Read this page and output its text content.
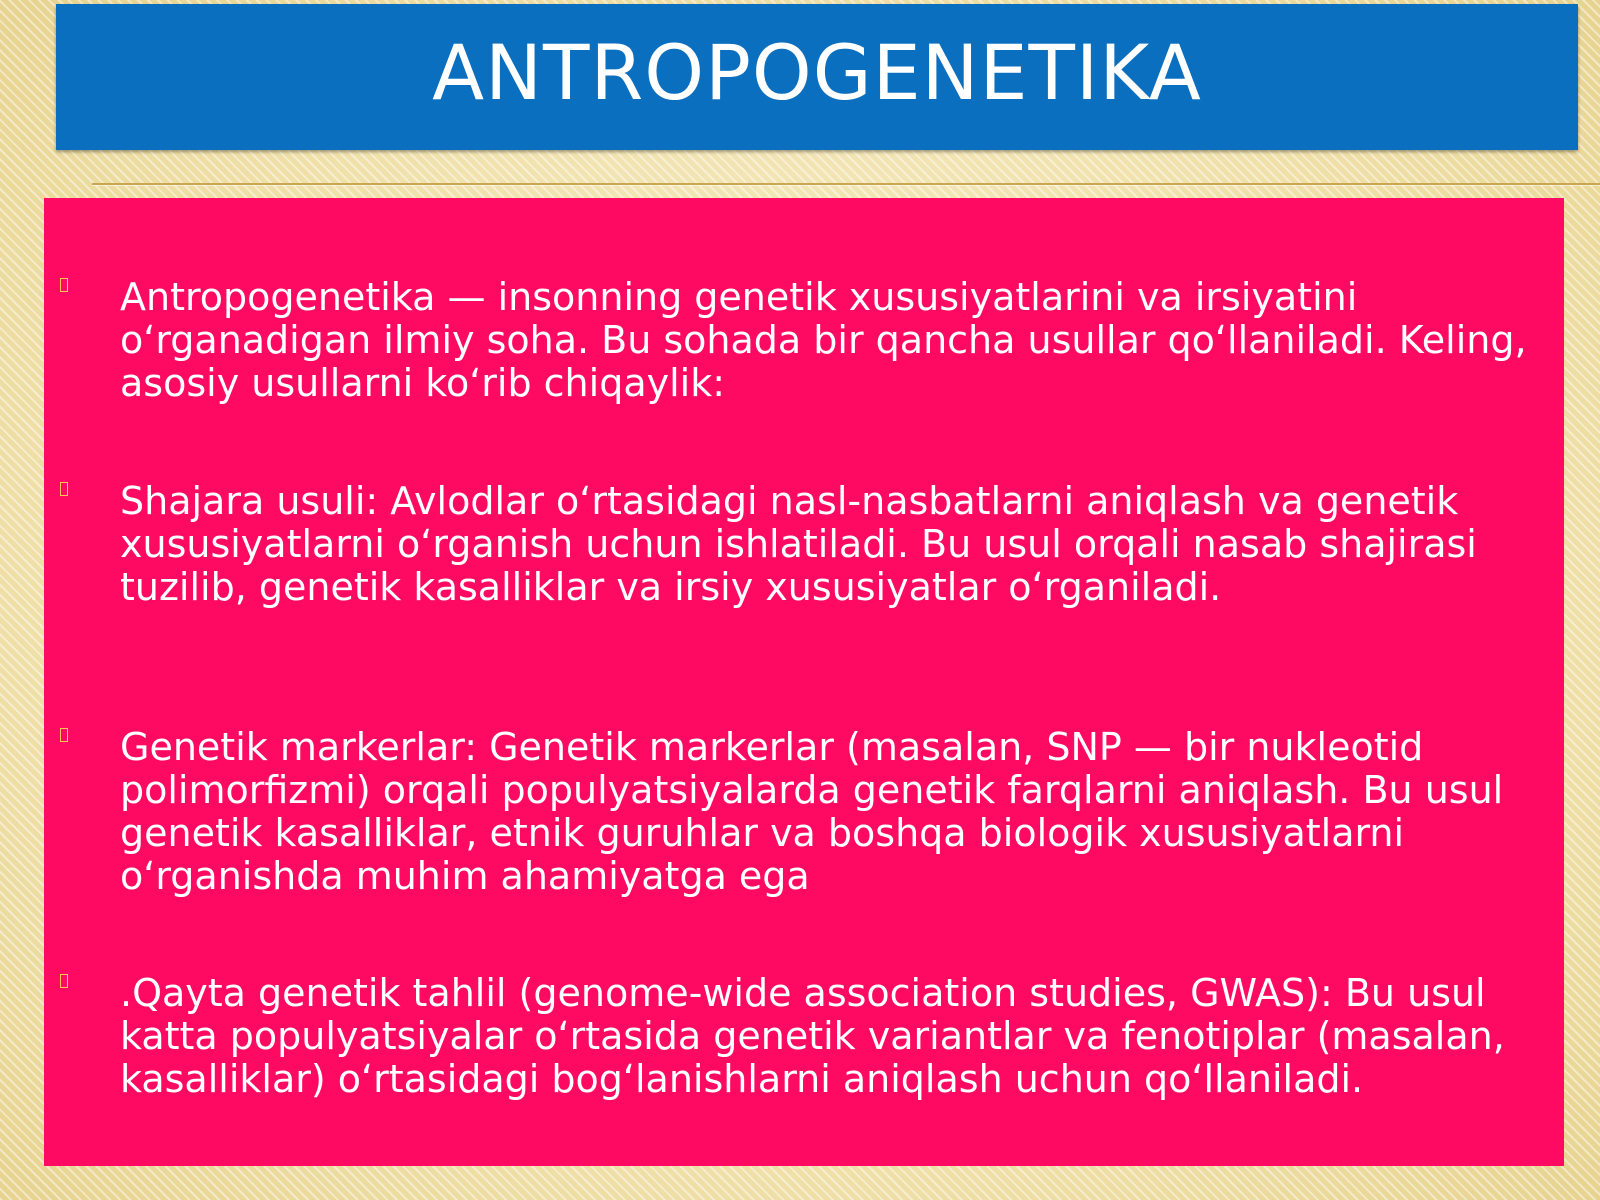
ANTROPOGENETIKA

Antropogenetika — insonning genetik xususiyatlarini va irsiyatini o‘rganadigan ilmiy soha. Bu sohada bir qancha usullar qo‘llaniladi. Keling, asosiy usullarni ko‘rib chiqaylik:

Shajara usuli: Avlodlar o‘rtasidagi nasl-nasbatlarni aniqlash va genetik xususiyatlarni o‘rganish uchun ishlatiladi. Bu usul orqali nasab shajirasi tuzilib, genetik kasalliklar va irsiy xususiyatlar o‘rganiladi.

Genetik markerlar: Genetik markerlar (masalan, SNP — bir nukleotid polimorfizmi) orqali populyatsiyalarda genetik farqlarni aniqlash. Bu usul genetik kasalliklar, etnik guruhlar va boshqa biologik xususiyatlarni o‘rganishda muhim ahamiyatga ega

.Qayta genetik tahlil (genome-wide association studies, GWAS): Bu usul katta populyatsiyalar o‘rtasida genetik variantlar va fenotiplar (masalan, kasalliklar) o‘rtasidagi bog‘lanishlarni aniqlash uchun qo‘llaniladi.
